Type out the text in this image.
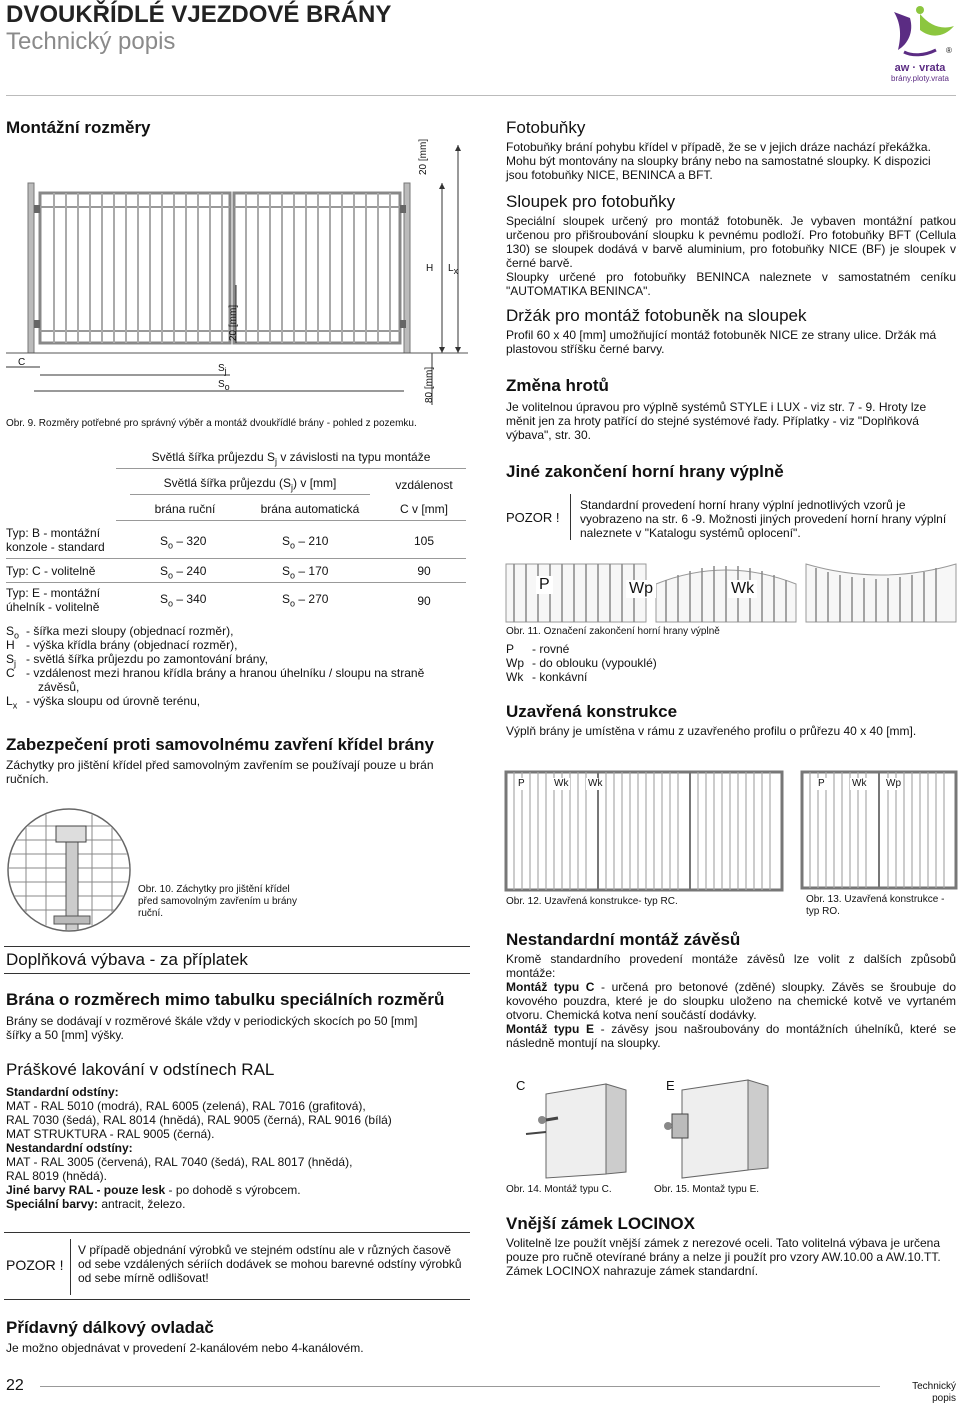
DVOUKŘÍDLÉ VJEZDOVÉ BRÁNY
Technický popis	®
aw · vrata
brány.ploty.vrata
Montážní rozměry
C
H Lx
Sj
So
20 [mm]
20 [mm]
80 [mm]
Obr. 9. Rozměry potřebné pro správný výběr a montáž dvoukřídlé brány - pohled z pozemku.
Světlá šířka průjezdu $S_j$ v závislosti na typu montáže
Světlá šířka průjezdu $(S_j)$ v [mm]	vzdálenost
brána ruční	brána automatická	C v [mm]
Typ: B - montážní
konzole - standard	$S_o - 320$	$S_o - 210$	105
Typ: C - volitelně	$S_o - 240$	$S_o - 170$	90
Typ: E - montážní
úhelník - volitelně
$S_o - 340$	$S_o - 270$	90
$S_o$ - šířka mezi sloupy (objednací rozměr),
H - výška křídla brány (objednací rozměr),
$S_j$ - světlá šířka průjezdu po zamontování brány,
C - vzdálenost mezi hranou křídla brány a hranou úhelníku / sloupu na straně
závěsů,
$L_x$ - výška sloupu od úrovně terénu,
Zabezpečení proti samovolnému zavření křídel brány
Záchytky pro jištění křídel před samovolným zavřením se používají pouze u brán ručních.
Obr. 10. Záchytky pro jištění křídel před samovolným zavřením u brány ruční.
Doplňková výbava - za příplatek
Brána o rozměrech mimo tabulku speciálních rozměrů
Brány se dodávají v rozměrové škále vždy v periodických skocích po 50 [mm] šířky a 50 [mm] výšky.
Práškové lakování v odstínech RAL
Standardní odstíny:
MAT - RAL 5010 (modrá), RAL 6005 (zelená), RAL 7016 (grafitová),
RAL 7030 (šedá), RAL 8014 (hnědá), RAL 9005 (černá), RAL 9016 (bílá)
MAT STRUKTURA - RAL 9005 (černá).
Nestandardní odstíny:
MAT - RAL 3005 (červená), RAL 7040 (šedá), RAL 8017 (hnědá),
RAL 8019 (hnědá).
Jiné barvy RAL - pouze lesk - po dohodě s výrobcem.
Speciální barvy: antracit, železo.
POZOR !
V případě objednání výrobků ve stejném odstínu ale v různých časově od sebe vzdálených sériích dodávek se mohou barevné odstíny výrobků od sebe mírně odlišovat!
Přídavný dálkový ovladač
Je možno objednávat v provedení 2-kanálovém nebo 4-kanálovém.
Fotobuňky
Fotobuňky brání pohybu křídel v případě, že se v jejich dráze nachází překážka. Mohu být montovány na sloupky brány nebo na samostatné sloupky. K dispozici jsou fotobuňky NICE, BENINCA a BFT.
Sloupek pro fotobuňky
Speciální sloupek určený pro montáž fotobuněk. Je vybaven montážní patkou určenou pro přišroubování sloupku k pevnému podloží. Pro fotobuňky BFT (Cellula 130) se sloupek dodává v barvě aluminium, pro fotobuňky NICE (BF) je sloupek v černé barvě.
Sloupky určené pro fotobuňky BENINCA naleznete v samostatném ceníku "AUTOMATIKA BENINCA".
Držák pro montáž fotobuněk na sloupek
Profil 60 x 40 [mm] umožňující montáž fotobuněk NICE ze strany ulice. Držák má plastovou stříšku černé barvy.
Změna hrotů
Je volitelnou úpravou pro výplně systémů STYLE i LUX - viz str. 7 - 9. Hroty lze měnit jen za hroty patřící do stejné systémové řady. Příplatky - viz "Doplňková výbava", str. 30.
Jiné zakončení horní hrany výplně
POZOR !
Standardní provedení horní hrany výplní jednotlivých vzorů je vyobrazeno na str. 6 -9. Možnosti jiných provedení horní hrany výplní naleznete v "Katalogu systémů oplocení".
P	Wp	Wk
Obr. 11. Označení zakončení horní hrany výplně
P - rovné
Wp - do oblouku (vypouklé)
Wk - konkávní
Uzavřená konstrukce
Výplň brány je umístěna v rámu z uzavřeného profilu o průřezu 40 x 40 [mm].
P	Wk Wk
Obr. 12. Uzavřená konstrukce- typ RC.
P	Wk Wp
Obr. 13. Uzavřená konstrukce - typ RO.
Nestandardní montáž závěsů
Kromě standardního provedení montáže závěsů lze volit z dalších způsobů montáže:
Montáž typu C - určená pro betonové (zděné) sloupky. Závěs se šroubuje do kovového pouzdra, které je do sloupku uloženo na chemické kotvě ve vyrtaném otvoru. Chemická kotva není součástí dodávky.
Montáž typu E - závěsy jsou našroubovány do montážních úhelníků, které se následně montují na sloupky.
C
Obr. 14. Montáž typu C.
E
Obr. 15. Montaž typu E.
Vnější zámek LOCINOX
Volitelně lze použít vnější zámek z nerezové oceli. Tato volitelná výbava je určena pouze pro ručně otevírané brány a nelze ji použít pro vzory AW.10.00 a AW.10.TT. Zámek LOCINOX nahrazuje zámek standardní.
22	Technický popis
